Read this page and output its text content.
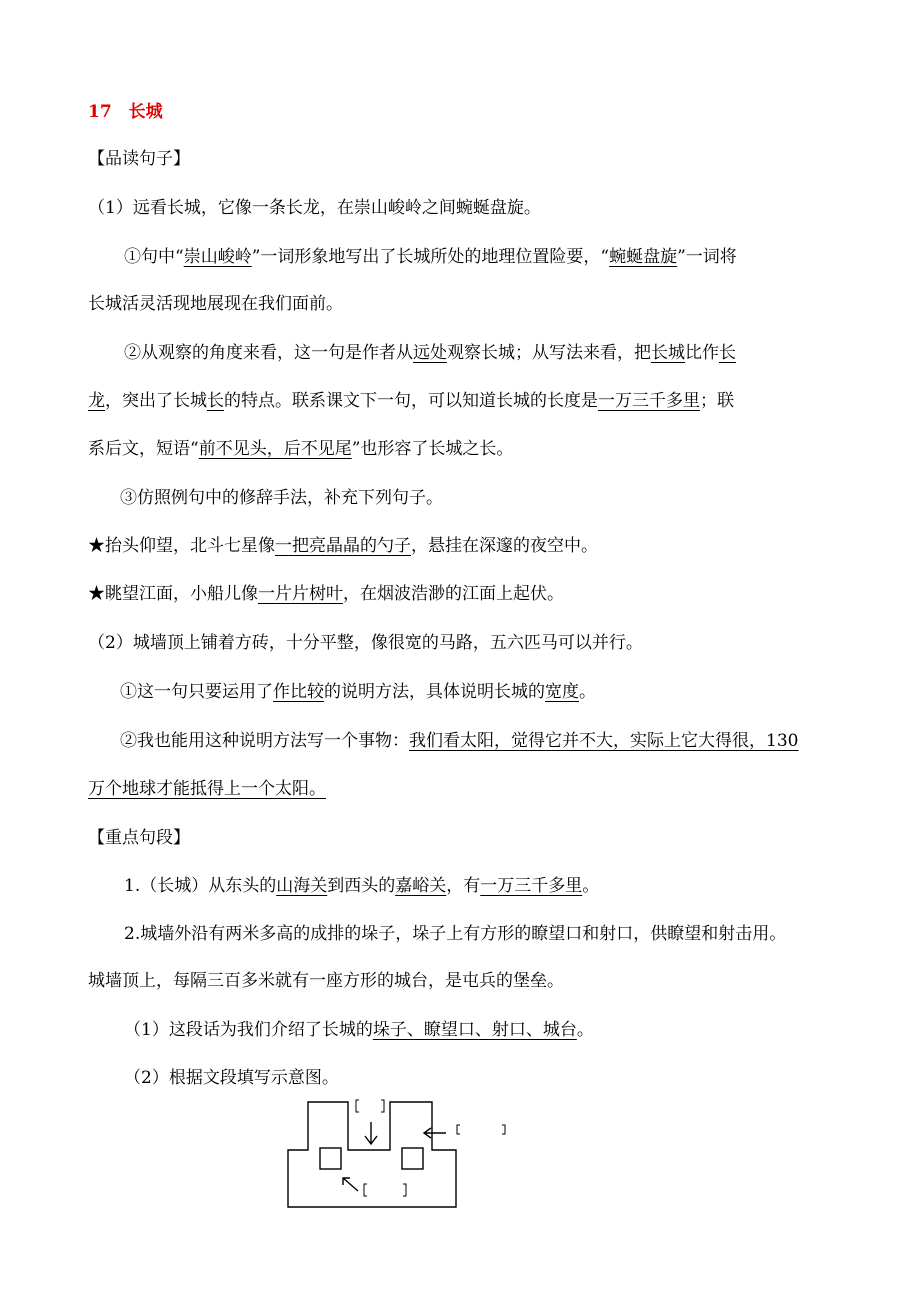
17　长城
【品读句子】
（1）远看长城，它像一条长龙，在崇山峻岭之间蜿蜒盘旋。
①句中“崇山峻岭”一词形象地写出了长城所处的地理位置险要，“蜿蜒盘旋”一词将
长城活灵活现地展现在我们面前。
②从观察的角度来看，这一句是作者从远处观察长城；从写法来看，把长城比作长
龙，突出了长城长的特点。联系课文下一句，可以知道长城的长度是一万三千多里；联
系后文，短语“前不见头，后不见尾”也形容了长城之长。
③仿照例句中的修辞手法，补充下列句子。
★抬头仰望，北斗七星像一把亮晶晶的勺子，悬挂在深邃的夜空中。
★眺望江面，小船儿像一片片树叶，在烟波浩渺的江面上起伏。
（2）城墙顶上铺着方砖，十分平整，像很宽的马路，五六匹马可以并行。
①这一句只要运用了作比较的说明方法，具体说明长城的宽度。
②我也能用这种说明方法写一个事物：我们看太阳，觉得它并不大，实际上它大得很，130
万个地球才能抵得上一个太阳。
【重点句段】
1.（长城）从东头的山海关到西头的嘉峪关，有一万三千多里。
2.城墙外沿有两米多高的成排的垛子，垛子上有方形的瞭望口和射口，供瞭望和射击用。
城墙顶上，每隔三百多米就有一座方形的城台，是屯兵的堡垒。
（1）这段话为我们介绍了长城的垛子、瞭望口、射口、城台。
（2）根据文段填写示意图。
